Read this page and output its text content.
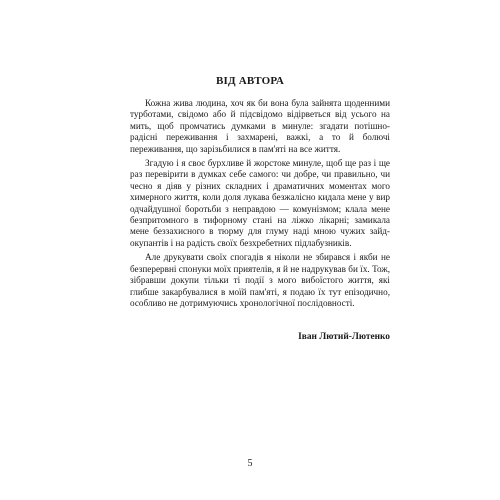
ВІД АВТОРА

Кожна жива людина, хоч як би вона була зайнята щоденними турботами, свідомо або й підсвідомо відірветься від усього на мить, щоб промчатись думками в минуле: згадати потішно-радісні переживання і захмарені, важкі, а то й болючі переживання, що зарізьбилися в пам'яті на все життя.

Згадую і я своє бурхливе й жорстоке минуле, щоб ще раз і ще раз перевірити в думках себе самого: чи добре, чи правильно, чи чесно я діяв у різних складних і драматичних моментах мого химерного життя, коли доля лукава безжалісно кидала мене у вир одчайдушної боротьби з неправдою — комунізмом; клала мене безпритомного в тифорному стані на ліжко лікарні; замикала мене беззахисного в тюрму для глуму наді мною чужих зайд-окупантів і на радість своїх безхребетних підлабузників.

Але друкувати своїх спогадів я ніколи не збирався і якби не безперервні спонуки моїх приятелів, я й не надрукував би їх. Тож, зібравши докупи тільки ті події з мого вибоїстого життя, які глибше закарбувалися в моїй пам'яті, я подаю їх тут епізодично, особливо не дотримуючись хронологічної послідовності.

Іван Лютий-Лютенко
5
